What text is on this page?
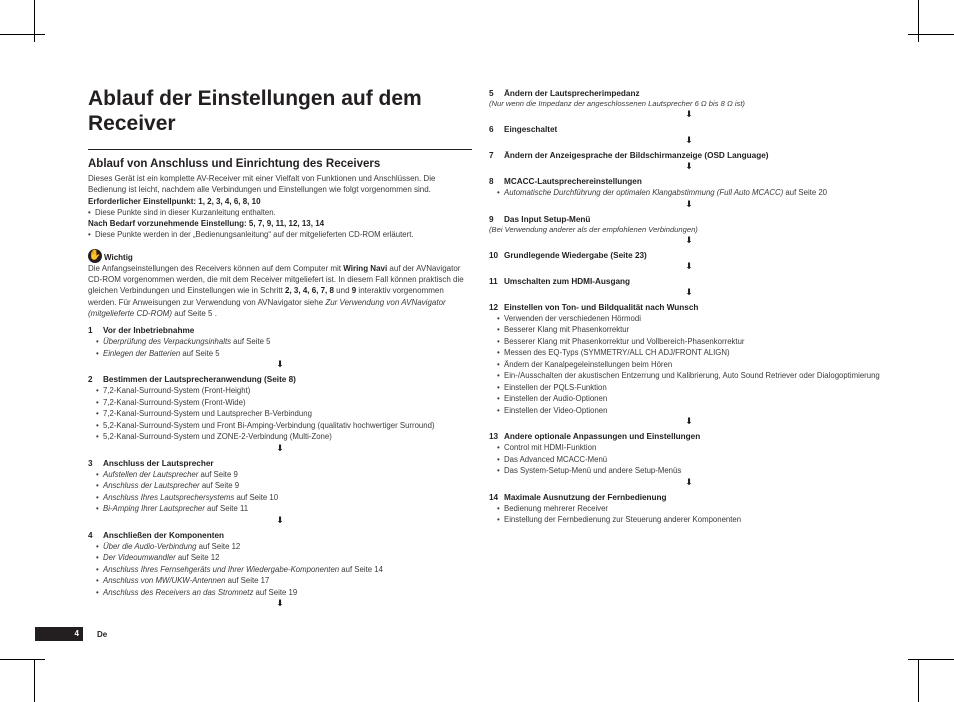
Ablauf der Einstellungen auf dem
Receiver
Ablauf von Anschluss und Einrichtung des Receivers

Dieses Gerät ist ein komplette AV-Receiver mit einer Vielfalt von Funktionen und Anschlüssen. Die Bedienung ist leicht, nachdem alle Verbindungen und Einstellungen wie folgt vorgenommen sind.

Erforderlicher Einstellpunkt: 1, 2, 3, 4, 6, 8, 10
• Diese Punkte sind in dieser Kurzanleitung enthalten.
Nach Bedarf vorzunehmende Einstellung: 5, 7, 9, 11, 12, 13, 14
• Diese Punkte werden in der „Bedienungsanleitung“ auf der mitgelieferten CD-ROM erläutert.
✋ Wichtig

Die Anfangseinstellungen des Receivers können auf dem Computer mit Wiring Navi auf der AVNavigator CD-ROM vorgenommen werden, die mit dem Receiver mitgeliefert ist. In diesem Fall können praktisch die gleichen Verbindungen und Einstellungen wie in Schritt 2, 3, 4, 6, 7, 8 und 9 interaktiv vorgenommen werden. Für Anweisungen zur Verwendung von AVNavigator siehe Zur Verwendung von AVNavigator (mitgelieferte CD-ROM) auf Seite 5 .

1	Vor der Inbetriebnahme
• Überprüfung des Verpackungsinhalts auf Seite 5
• Einlegen der Batterien auf Seite 5
⬇
2	Bestimmen der Lautsprecheranwendung (Seite 8)
• 7,2-Kanal-Surround-System (Front-Height)
• 7,2-Kanal-Surround-System (Front-Wide)
• 7,2-Kanal-Surround-System und Lautsprecher B-Verbindung
• 5,2-Kanal-Surround-System und Front Bi-Amping-Verbindung (qualitativ hochwertiger Surround)
• 5,2-Kanal-Surround-System und ZONE-2-Verbindung (Multi-Zone)
⬇
3	Anschluss der Lautsprecher
• Aufstellen der Lautsprecher auf Seite 9
• Anschluss der Lautsprecher auf Seite 9
• Anschluss Ihres Lautsprechersystems auf Seite 10
• Bi-Amping Ihrer Lautsprecher auf Seite 11
⬇
4	Anschließen der Komponenten
• Über die Audio-Verbindung auf Seite 12
• Der Videoumwandler auf Seite 12
• Anschluss Ihres Fernsehgeräts und Ihrer Wiedergabe-Komponenten auf Seite 14
• Anschluss von MW/UKW-Antennen auf Seite 17
• Anschluss des Receivers an das Stromnetz auf Seite 19
⬇
5	Ändern der Lautsprecherimpedanz
(Nur wenn die Impedanz der angeschlossenen Lautsprecher 6 Ω bis 8 Ω ist)
⬇
6	Eingeschaltet
⬇
7	Ändern der Anzeigesprache der Bildschirmanzeige (OSD Language)
⬇
8	MCACC-Lautsprechereinstellungen
• Automatische Durchführung der optimalen Klangabstimmung (Full Auto MCACC) auf Seite 20
⬇
9	Das Input Setup-Menü
(Bei Verwendung anderer als der empfohlenen Verbindungen)
⬇
10 Grundlegende Wiedergabe (Seite 23)
⬇
11 Umschalten zum HDMI-Ausgang
⬇
12 Einstellen von Ton- und Bildqualität nach Wunsch
• Verwenden der verschiedenen Hörmodi
• Besserer Klang mit Phasenkorrektur
• Besserer Klang mit Phasenkorrektur und Vollbereich-Phasenkorrektur
• Messen des EQ-Typs (SYMMETRY/ALL CH ADJ/FRONT ALIGN)
• Ändern der Kanalpegeleinstellungen beim Hören
• Ein-/Ausschalten der akustischen Entzerrung und Kalibrierung, Auto Sound Retriever oder Dialogoptimierung
• Einstellen der PQLS-Funktion
• Einstellen der Audio-Optionen
• Einstellen der Video-Optionen
⬇
13 Andere optionale Anpassungen und Einstellungen
• Control mit HDMI-Funktion
• Das Advanced MCACC-Menü
• Das System-Setup-Menü und andere Setup-Menüs
⬇
14 Maximale Ausnutzung der Fernbedienung
• Bedienung mehrerer Receiver
• Einstellung der Fernbedienung zur Steuerung anderer Komponenten
4	De
